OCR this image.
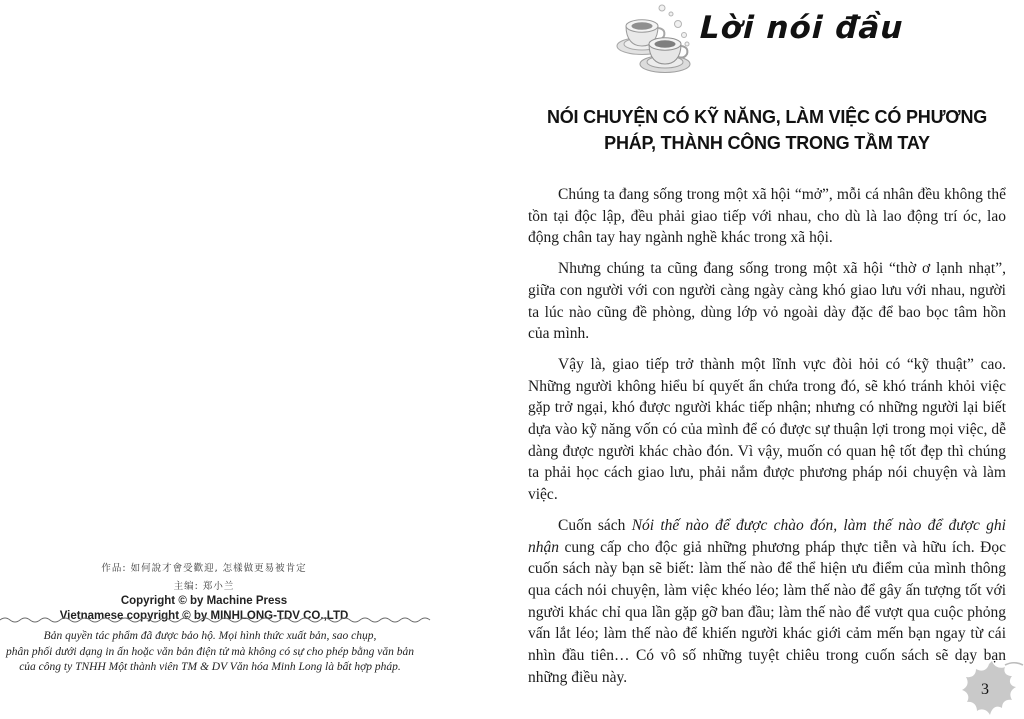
作品: 如何說才會受歡迎, 怎樣做更易被肯定

主编: 郑小兰

Copyright © by Machine Press

Vietnamese copyright © by MINHLONG-TDV CO.,LTD

Bản quyền tác phẩm đã được bảo hộ. Mọi hình thức xuất bản, sao chụp,

phân phối dưới dạng in ấn hoặc văn bản điện tử mà không có sự cho phép bằng văn bản

của công ty TNHH Một thành viên TM & DV Văn hóa Minh Long là bất hợp pháp.

Lời nói đầu
NÓI CHUYỆN CÓ KỸ NĂNG, LÀM VIỆC CÓ PHƯƠNG
PHÁP, THÀNH CÔNG TRONG TẦM TAY

Chúng ta đang sống trong một xã hội “mở”, mỗi cá nhân đều không thể tồn tại độc lập, đều phải giao tiếp với nhau, cho dù là lao động trí óc, lao động chân tay hay ngành nghề khác trong xã hội.

Nhưng chúng ta cũng đang sống trong một xã hội “thờ ơ lạnh nhạt”, giữa con người với con người càng ngày càng khó giao lưu với nhau, người ta lúc nào cũng đề phòng, dùng lớp vỏ ngoài dày đặc để bao bọc tâm hồn của mình.

Vậy là, giao tiếp trở thành một lĩnh vực đòi hỏi có “kỹ thuật” cao. Những người không hiểu bí quyết ẩn chứa trong đó, sẽ khó tránh khỏi việc gặp trở ngại, khó được người khác tiếp nhận; nhưng có những người lại biết dựa vào kỹ năng vốn có của mình để có được sự thuận lợi trong mọi việc, dễ dàng được người khác chào đón. Vì vậy, muốn có quan hệ tốt đẹp thì chúng ta phải học cách giao lưu, phải nắm được phương pháp nói chuyện và làm việc.

Cuốn sách Nói thế nào để được chào đón, làm thế nào để được ghi nhận cung cấp cho độc giả những phương pháp thực tiễn và hữu ích. Đọc cuốn sách này bạn sẽ biết: làm thế nào để thể hiện ưu điểm của mình thông qua cách nói chuyện, làm việc khéo léo; làm thế nào để gây ấn tượng tốt với người khác chỉ qua lần gặp gỡ ban đầu; làm thế nào để vượt qua cuộc phỏng vấn lắt léo; làm thế nào để khiến người khác giới cảm mến bạn ngay từ cái nhìn đầu tiên… Có vô số những tuyệt chiêu trong cuốn sách sẽ dạy bạn những điều này.

3
